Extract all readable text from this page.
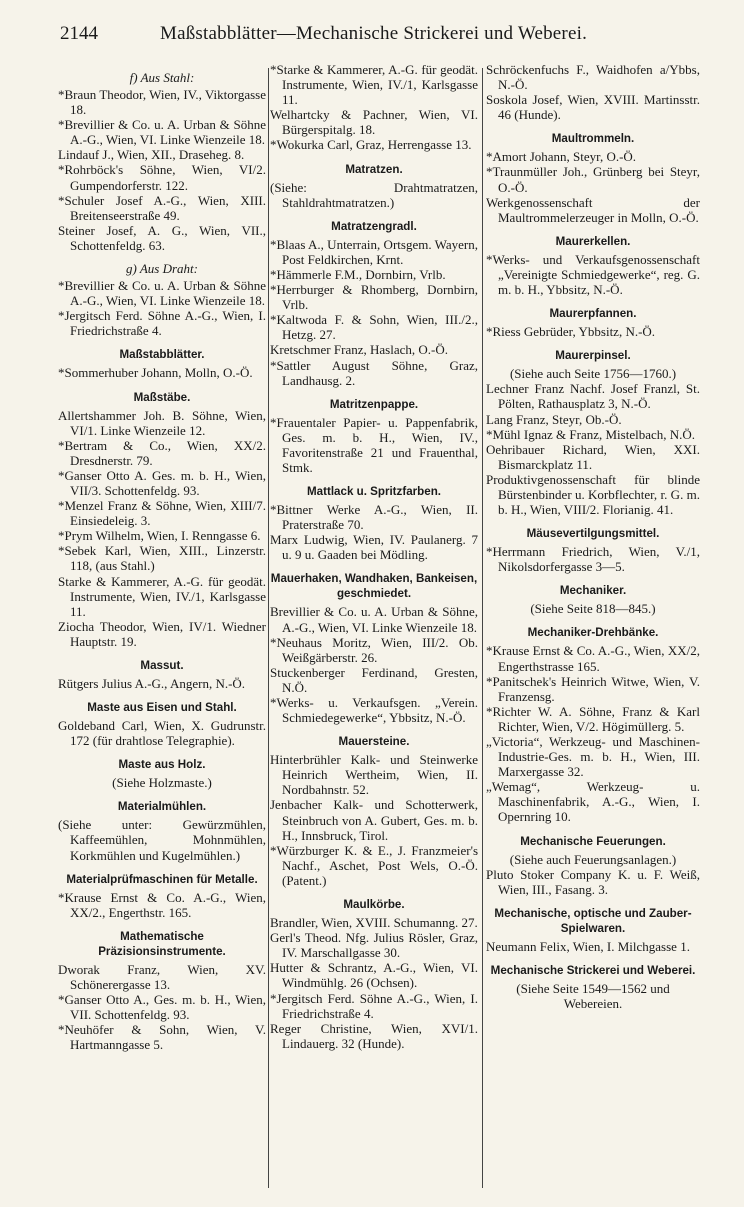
2144	Maßstabblätter—Mechanische Strickerei und Weberei.
f) Aus Stahl:
*Braun Theodor, Wien, IV., Viktorgasse 18.
*Brevillier & Co. u. A. Urban & Söhne A.-G., Wien, VI. Linke Wienzeile 18.
Lindauf J., Wien, XII., Draseheg. 8.
*Rohrböck's Söhne, Wien, VI/2. Gumpendorferstr. 122.
*Schuler Josef A.-G., Wien, XIII. Breitenseerstraße 49.
Steiner Josef, A. G., Wien, VII., Schottenfeldg. 63.
g) Aus Draht:
*Brevillier & Co. u. A. Urban & Söhne A.-G., Wien, VI. Linke Wienzeile 18.
*Jergitsch Ferd. Söhne A.-G., Wien, I. Friedrichstraße 4.
Maßstabblätter.
*Sommerhuber Johann, Molln, O.-Ö.
Maßstäbe.
Allertshammer Joh. B. Söhne, Wien, VI/1. Linke Wienzeile 12.
*Bertram & Co., Wien, XX/2. Dresdnerstr. 79.
*Ganser Otto A. Ges. m. b. H., Wien, VII/3. Schottenfeldg. 93.
*Menzel Franz & Söhne, Wien, XIII/7. Einsiedeleig. 3.
*Prym Wilhelm, Wien, I. Renngasse 6.
*Sebek Karl, Wien, XIII., Linzerstr. 118, (aus Stahl.)
Starke & Kammerer, A.-G. für geodät. Instrumente, Wien, IV./1, Karlsgasse 11.
Ziocha Theodor, Wien, IV/1. Wiedner Hauptstr. 19.
Massut.
Rütgers Julius A.-G., Angern, N.-Ö.
Maste aus Eisen und Stahl.
Goldeband Carl, Wien, X. Gudrunstr. 172 (für drahtlose Telegraphie).
Maste aus Holz.
(Siehe Holzmaste.)
Materialmühlen.
(Siehe unter: Gewürzmühlen, Kaffeemühlen, Mohnmühlen, Korkmühlen und Kugelmühlen.)
Materialprüfmaschinen für Metalle.
*Krause Ernst & Co. A.-G., Wien, XX/2., Engerthstr. 165.
Mathematische Präzisionsinstrumente.
Dworak Franz, Wien, XV. Schönerergasse 13.
*Ganser Otto A., Ges. m. b. H., Wien, VII. Schottenfeldg. 93.
*Neuhöfer & Sohn, Wien, V. Hartmanngasse 5.
*Starke & Kammerer, A.-G. für geodät. Instrumente, Wien, IV./1, Karlsgasse 11.
Welhartcky & Pachner, Wien, VI. Bürgerspitalg. 18.
*Wokurka Carl, Graz, Herrengasse 13.
Matratzen.
(Siehe: Drahtmatratzen, Stahldrahtmatratzen.)
Matratzengradl.
*Blaas A., Unterrain, Ortsgem. Wayern, Post Feldkirchen, Krnt.
*Hämmerle F.M., Dornbirn, Vrlb.
*Herrburger & Rhomberg, Dornbirn, Vrlb.
*Kaltwoda F. & Sohn, Wien, III./2., Hetzg. 27.
Kretschmer Franz, Haslach, O.-Ö.
*Sattler August Söhne, Graz, Landhausg. 2.
Matritzenpappe.
*Frauentaler Papier- u. Pappenfabrik, Ges. m. b. H., Wien, IV., Favoritenstraße 21 und Frauenthal, Stmk.
Mattlack u. Spritzfarben.
*Bittner Werke A.-G., Wien, II. Praterstraße 70.
Marx Ludwig, Wien, IV. Paulanerg. 7 u. 9 u. Gaaden bei Mödling.
Mauerhaken, Wandhaken, Bankeisen, geschmiedet.
Brevillier & Co. u. A. Urban & Söhne, A.-G., Wien, VI. Linke Wienzeile 18.
*Neuhaus Moritz, Wien, III/2. Ob. Weißgärberstr. 26.
Stuckenberger Ferdinand, Gresten, N.Ö.
*Werks- u. Verkaufsgen. „Verein. Schmiedegewerke“, Ybbsitz, N.-Ö.
Mauersteine.
Hinterbrühler Kalk- und Steinwerke Heinrich Wertheim, Wien, II. Nordbahnstr. 52.
Jenbacher Kalk- und Schotterwerk, Steinbruch von A. Gubert, Ges. m. b. H., Innsbruck, Tirol.
*Würzburger K. & E., J. Franzmeier's Nachf., Aschet, Post Wels, O.-Ö. (Patent.)
Maulkörbe.
Brandler, Wien, XVIII. Schumanng. 27.
Gerl's Theod. Nfg. Julius Rösler, Graz, IV. Marschallgasse 30.
Hutter & Schrantz, A.-G., Wien, VI. Windmühlg. 26 (Ochsen).
*Jergitsch Ferd. Söhne A.-G., Wien, I. Friedrichstraße 4.
Reger Christine, Wien, XVI/1. Lindauerg. 32 (Hunde).
Schröckenfuchs F., Waidhofen a/Ybbs, N.-Ö.
Soskola Josef, Wien, XVIII. Martinsstr. 46 (Hunde).
Maultrommeln.
*Amort Johann, Steyr, O.-Ö.
*Traunmüller Joh., Grünberg bei Steyr, O.-Ö.
Werkgenossenschaft der Maultrommelerzeuger in Molln, O.-Ö.
Maurerkellen.
*Werks- und Verkaufsgenossenschaft „Vereinigte Schmiedgewerke“, reg. G. m. b. H., Ybbsitz, N.-Ö.
Maurerpfannen.
*Riess Gebrüder, Ybbsitz, N.-Ö.
Maurerpinsel.
(Siehe auch Seite 1756—1760.)
Lechner Franz Nachf. Josef Franzl, St. Pölten, Rathausplatz 3, N.-Ö.
Lang Franz, Steyr, Ob.-Ö.
*Mühl Ignaz & Franz, Mistelbach, N.Ö.
Oehribauer Richard, Wien, XXI. Bismarckplatz 11.
Produktivgenossenschaft für blinde Bürstenbinder u. Korbflechter, r. G. m. b. H., Wien, VIII/2. Florianig. 41.
Mäusevertilgungsmittel.
*Herrmann Friedrich, Wien, V./1, Nikolsdorfergasse 3—5.
Mechaniker.
(Siehe Seite 818—845.)
Mechaniker-Drehbänke.
*Krause Ernst & Co. A.-G., Wien, XX/2, Engerthstrasse 165.
*Panitschek's Heinrich Witwe, Wien, V. Franzensg.
*Richter W. A. Söhne, Franz & Karl Richter, Wien, V/2. Högimüllerg. 5.
„Victoria“, Werkzeug- und Maschinen-Industrie-Ges. m. b. H., Wien, III. Marxergasse 32.
„Wemag“, Werkzeug- u. Maschinenfabrik, A.-G., Wien, I. Opernring 10.
Mechanische Feuerungen.
(Siehe auch Feuerungsanlagen.)
Pluto Stoker Company K. u. F. Weiß, Wien, III., Fasang. 3.
Mechanische, optische und Zauber-Spielwaren.
Neumann Felix, Wien, I. Milchgasse 1.
Mechanische Strickerei und Weberei.
(Siehe Seite 1549—1562 und Webereien.
